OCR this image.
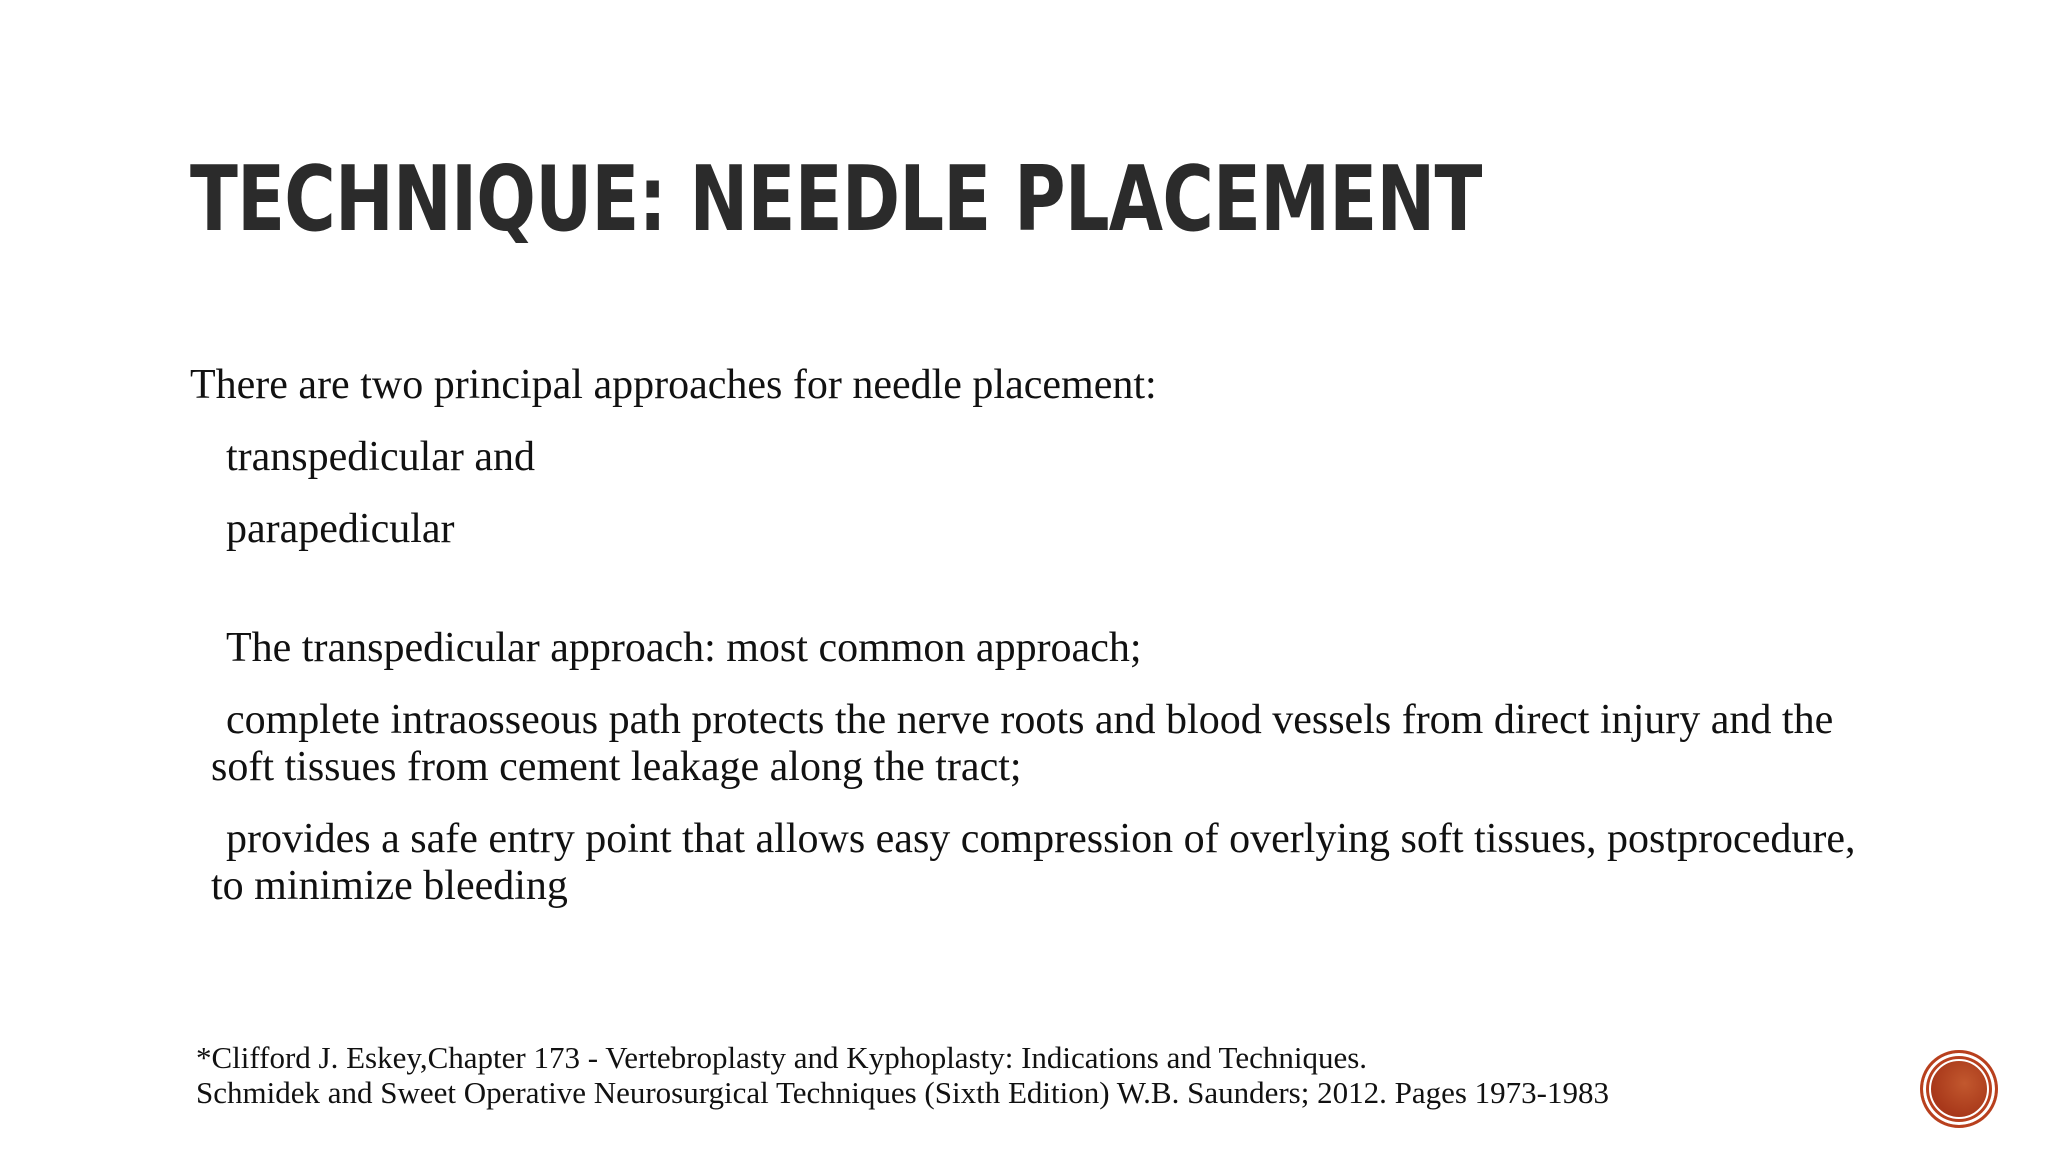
TECHNIQUE: NEEDLE PLACEMENT

There are two principal approaches for needle placement:

transpedicular and

parapedicular

The transpedicular approach: most common approach;

complete intraosseous path protects the nerve roots and blood vessels from direct injury and the soft tissues from cement leakage along the tract;

provides a safe entry point that allows easy compression of overlying soft tissues, postprocedure, to minimize bleeding

*Clifford J. Eskey,Chapter 173 - Vertebroplasty and Kyphoplasty: Indications and Techniques.
Schmidek and Sweet Operative Neurosurgical Techniques (Sixth Edition) W.B. Saunders; 2012. Pages 1973-1983
